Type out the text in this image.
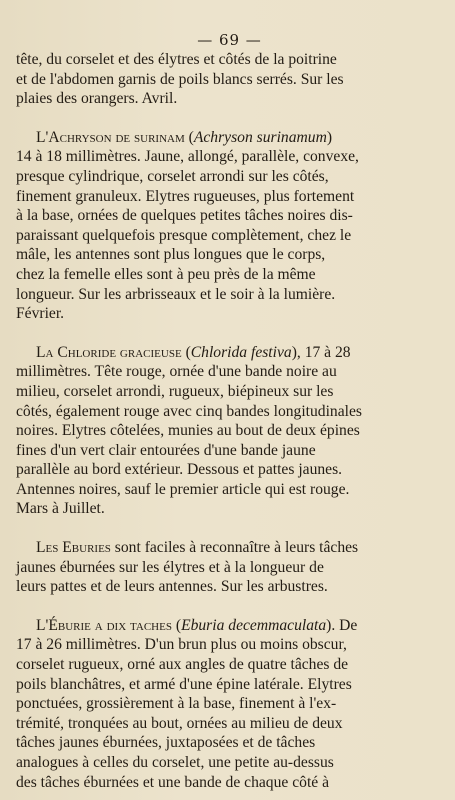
— 69 —

tête, du corselet et des élytres et côtés de la poitrine
et de l'abdomen garnis de poils blancs serrés. Sur les
plaies des orangers. Avril.

L'Achryson de surinam (Achryson surinamum)
14 à 18 millimètres. Jaune, allongé, parallèle, convexe,
presque cylindrique, corselet arrondi sur les côtés,
finement granuleux. Elytres rugueuses, plus fortement
à la base, ornées de quelques petites tâches noires dis-
paraissant quelquefois presque complètement, chez le
mâle, les antennes sont plus longues que le corps,
chez la femelle elles sont à peu près de la même
longueur. Sur les arbrisseaux et le soir à la lumière.
Février.

La Chloride gracieuse (Chlorida festiva), 17 à 28
millimètres. Tête rouge, ornée d'une bande noire au
milieu, corselet arrondi, rugueux, biépineux sur les
côtés, également rouge avec cinq bandes longitudinales
noires. Elytres côtelées, munies au bout de deux épines
fines d'un vert clair entourées d'une bande jaune
parallèle au bord extérieur. Dessous et pattes jaunes.
Antennes noires, sauf le premier article qui est rouge.
Mars à Juillet.

Les Eburies sont faciles à reconnaître à leurs tâches
jaunes éburnées sur les élytres et à la longueur de
leurs pattes et de leurs antennes. Sur les arbustres.

L'Éburie a dix taches (Eburia decemmaculata). De
17 à 26 millimètres. D'un brun plus ou moins obscur,
corselet rugueux, orné aux angles de quatre tâches de
poils blanchâtres, et armé d'une épine latérale. Elytres
ponctuées, grossièrement à la base, finement à l'ex-
trémité, tronquées au bout, ornées au milieu de deux
tâches jaunes éburnées, juxtaposées et de tâches
analogues à celles du corselet, une petite au-dessus
des tâches éburnées et une bande de chaque côté à
